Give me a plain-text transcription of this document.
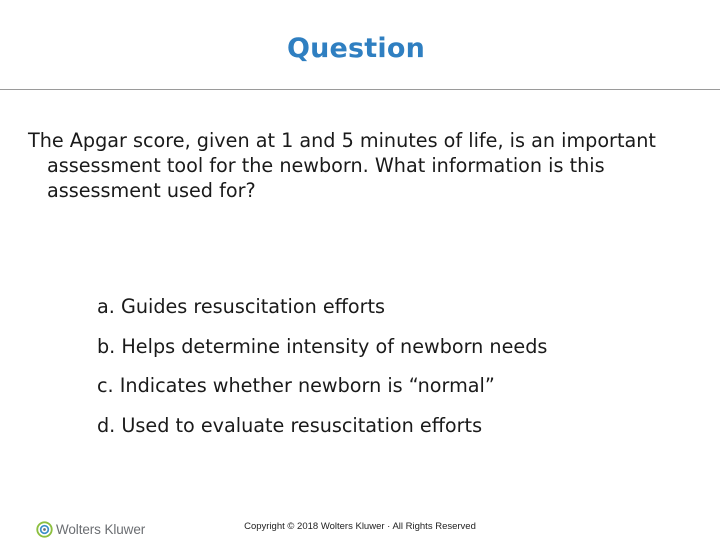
Question
The Apgar score, given at 1 and 5 minutes of life, is an important assessment tool for the newborn. What information is this assessment used for?
a. Guides resuscitation efforts
b. Helps determine intensity of newborn needs
c. Indicates whether newborn is “normal”
d. Used to evaluate resuscitation efforts
Wolters Kluwer	Copyright © 2018 Wolters Kluwer · All Rights Reserved
